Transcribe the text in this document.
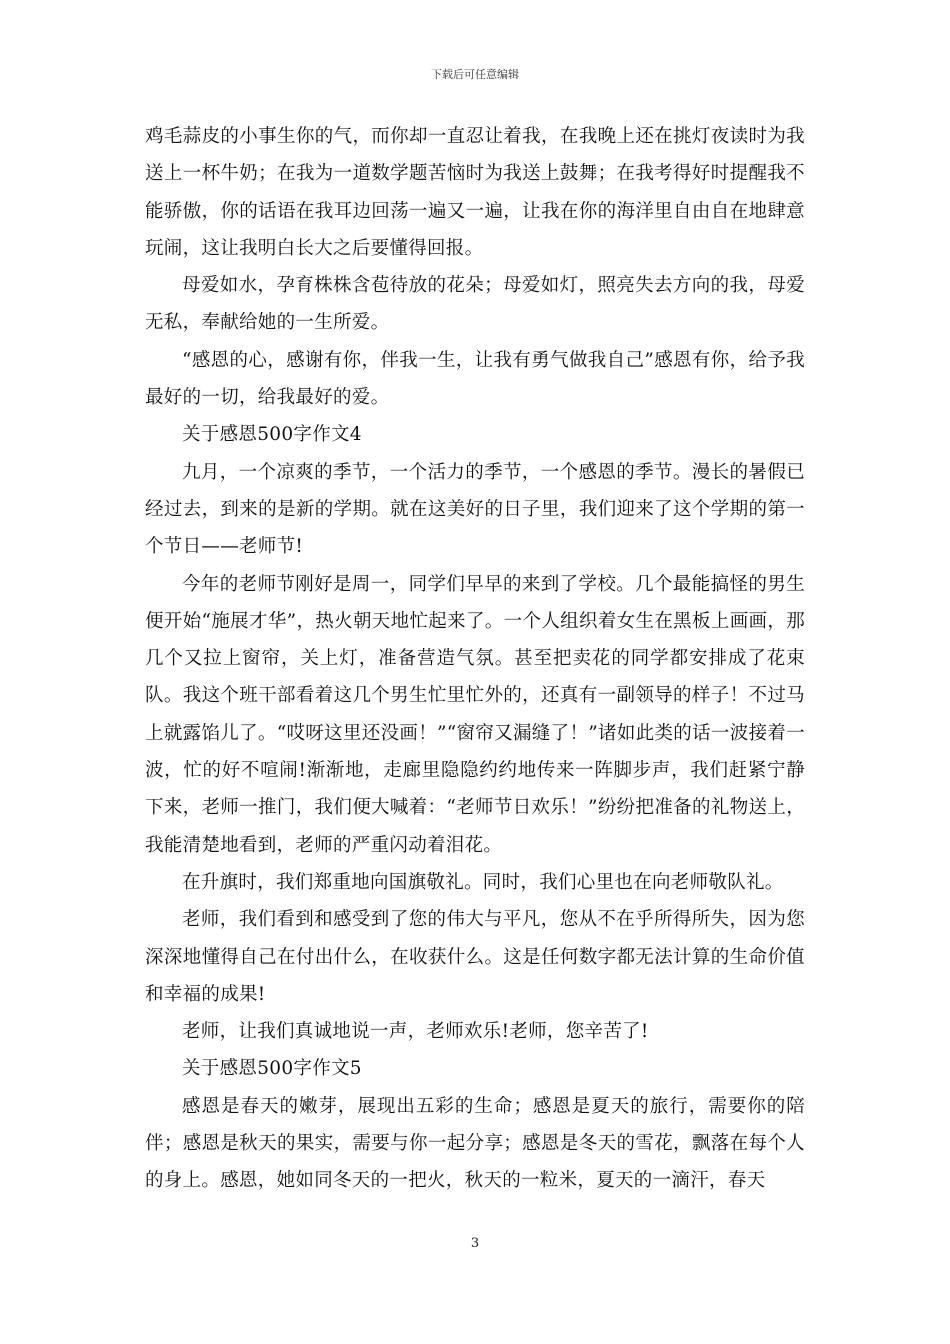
下载后可任意编辑

鸡毛蒜皮的小事生你的气，而你却一直忍让着我，在我晚上还在挑灯夜读时为我送上一杯牛奶；在我为一道数学题苦恼时为我送上鼓舞；在我考得好时提醒我不能骄傲，你的话语在我耳边回荡一遍又一遍，让我在你的海洋里自由自在地肆意玩闹，这让我明白长大之后要懂得回报。

母爱如水，孕育株株含苞待放的花朵；母爱如灯，照亮失去方向的我，母爱无私，奉献给她的一生所爱。

“感恩的心，感谢有你，伴我一生，让我有勇气做我自己”感恩有你，给予我最好的一切，给我最好的爱。

关于感恩500字作文4

九月，一个凉爽的季节，一个活力的季节，一个感恩的季节。漫长的暑假已经过去，到来的是新的学期。就在这美好的日子里，我们迎来了这个学期的第一个节日——老师节!

今年的老师节刚好是周一，同学们早早的来到了学校。几个最能搞怪的男生便开始“施展才华”，热火朝天地忙起来了。一个人组织着女生在黑板上画画，那几个又拉上窗帘，关上灯，准备营造气氛。甚至把卖花的同学都安排成了花束队。我这个班干部看着这几个男生忙里忙外的，还真有一副领导的样子！不过马上就露馅儿了。“哎呀这里还没画！”“窗帘又漏缝了！”诸如此类的话一波接着一波，忙的好不喧闹!渐渐地，走廊里隐隐约约地传来一阵脚步声，我们赶紧宁静下来，老师一推门，我们便大喊着：“老师节日欢乐！”纷纷把准备的礼物送上，我能清楚地看到，老师的严重闪动着泪花。

在升旗时，我们郑重地向国旗敬礼。同时，我们心里也在向老师敬队礼。

老师，我们看到和感受到了您的伟大与平凡，您从不在乎所得所失，因为您深深地懂得自己在付出什么，在收获什么。这是任何数字都无法计算的生命价值和幸福的成果!

老师，让我们真诚地说一声，老师欢乐!老师，您辛苦了!

关于感恩500字作文5

感恩是春天的嫩芽，展现出五彩的生命；感恩是夏天的旅行，需要你的陪伴；感恩是秋天的果实，需要与你一起分享；感恩是冬天的雪花，飘落在每个人的身上。感恩，她如同冬天的一把火，秋天的一粒米，夏天的一滴汗，春天

3
